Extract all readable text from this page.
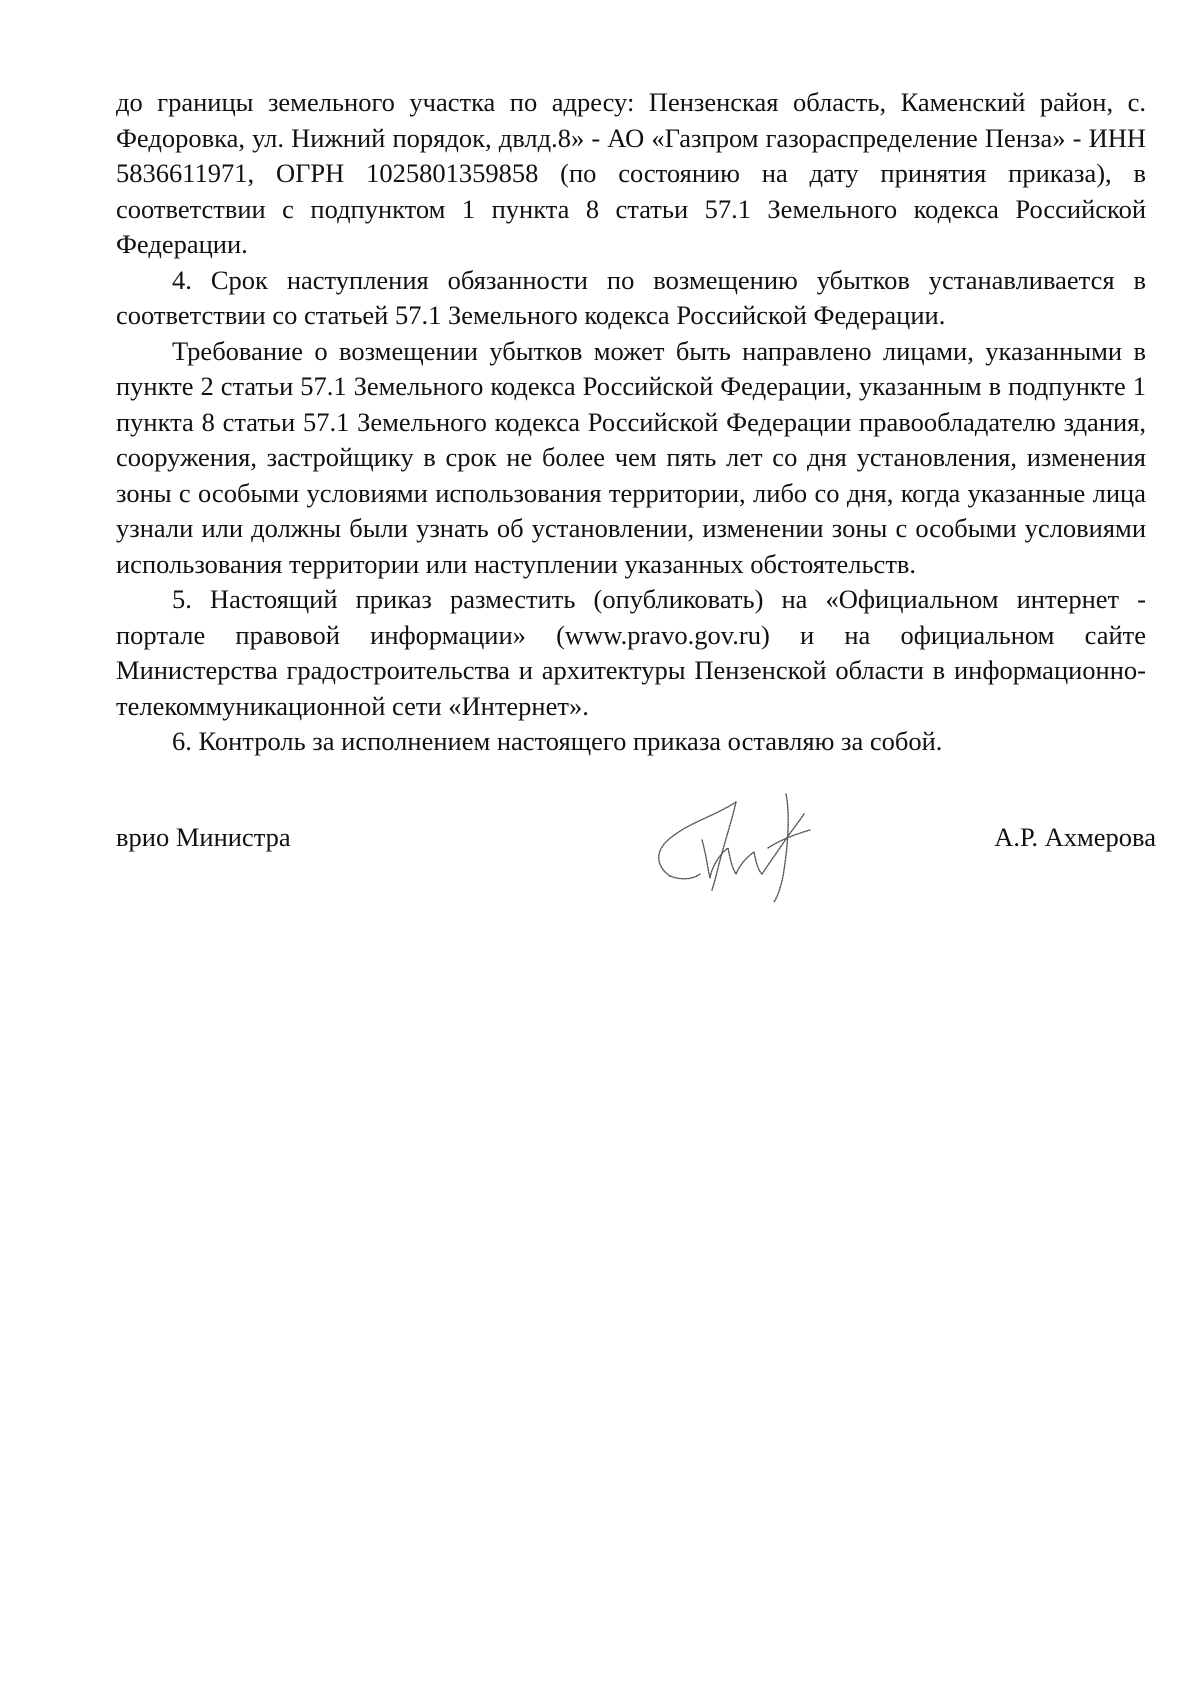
до границы земельного участка по адресу: Пензенская область, Каменский район, с. Федоровка, ул. Нижний порядок, двлд.8» - АО «Газпром газораспределение Пенза» - ИНН 5836611971, ОГРН 1025801359858 (по состоянию на дату принятия приказа), в соответствии с подпунктом 1 пункта 8 статьи 57.1 Земельного кодекса Российской Федерации.

4. Срок наступления обязанности по возмещению убытков устанавливается в соответствии со статьей 57.1 Земельного кодекса Российской Федерации.

Требование о возмещении убытков может быть направлено лицами, указанными в пункте 2 статьи 57.1 Земельного кодекса Российской Федерации, указанным в подпункте 1 пункта 8 статьи 57.1 Земельного кодекса Российской Федерации правообладателю здания, сооружения, застройщику в срок не более чем пять лет со дня установления, изменения зоны с особыми условиями использования территории, либо со дня, когда указанные лица узнали или должны были узнать об установлении, изменении зоны с особыми условиями использования территории или наступлении указанных обстоятельств.

5. Настоящий приказ разместить (опубликовать) на «Официальном интернет - портале правовой информации» (www.pravo.gov.ru) и на официальном сайте Министерства градостроительства и архитектуры Пензенской области в информационно-телекоммуникационной сети «Интернет».

6. Контроль за исполнением настоящего приказа оставляю за собой.

врио Министра	А.Р. Ахмерова
